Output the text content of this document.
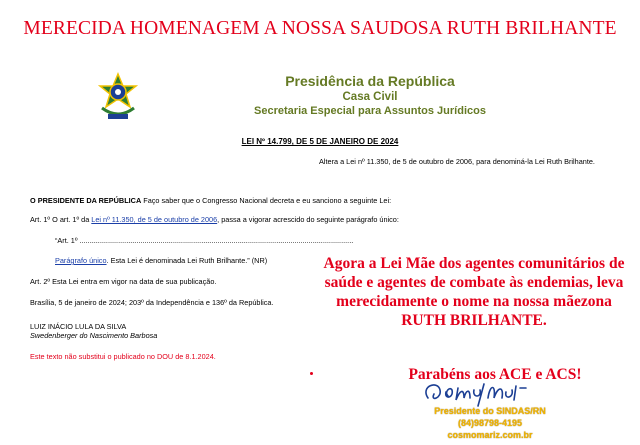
MERECIDA HOMENAGEM A NOSSA SAUDOSA RUTH BRILHANTE
Presidência da República
Casa Civil
Secretaria Especial para Assuntos Jurídicos
LEI Nº 14.799, DE 5 DE JANEIRO DE 2024
Altera a Lei nº 11.350, de 5 de outubro de 2006, para denominá-la Lei Ruth Brilhante.
O PRESIDENTE DA REPÚBLICA Faço saber que o Congresso Nacional decreta e eu sanciono a seguinte Lei:
Art. 1º O art. 1º da Lei nº 11.350, de 5 de outubro de 2006, passa a vigorar acrescido do seguinte parágrafo único:
“Art. 1º .......................................................................................................................................
Parágrafo único. Esta Lei é denominada Lei Ruth Brilhante.” (NR)
Art. 2º Esta Lei entra em vigor na data de sua publicação.
Brasília, 5 de janeiro de 2024; 203º da Independência e 136º da República.
LUIZ INÁCIO LULA DA SILVA
Swedenberger do Nascimento Barbosa
Este texto não substitui o publicado no DOU de 8.1.2024.
Agora a Lei Mãe dos agentes comunitários de saúde e agentes de combate às endemias, leva merecidamente o nome na nossa mãezona RUTH BRILHANTE.
Parabéns aos ACE e ACS!
Presidente do SINDAS/RN
(84)98798-4195
cosmomariz.com.br
